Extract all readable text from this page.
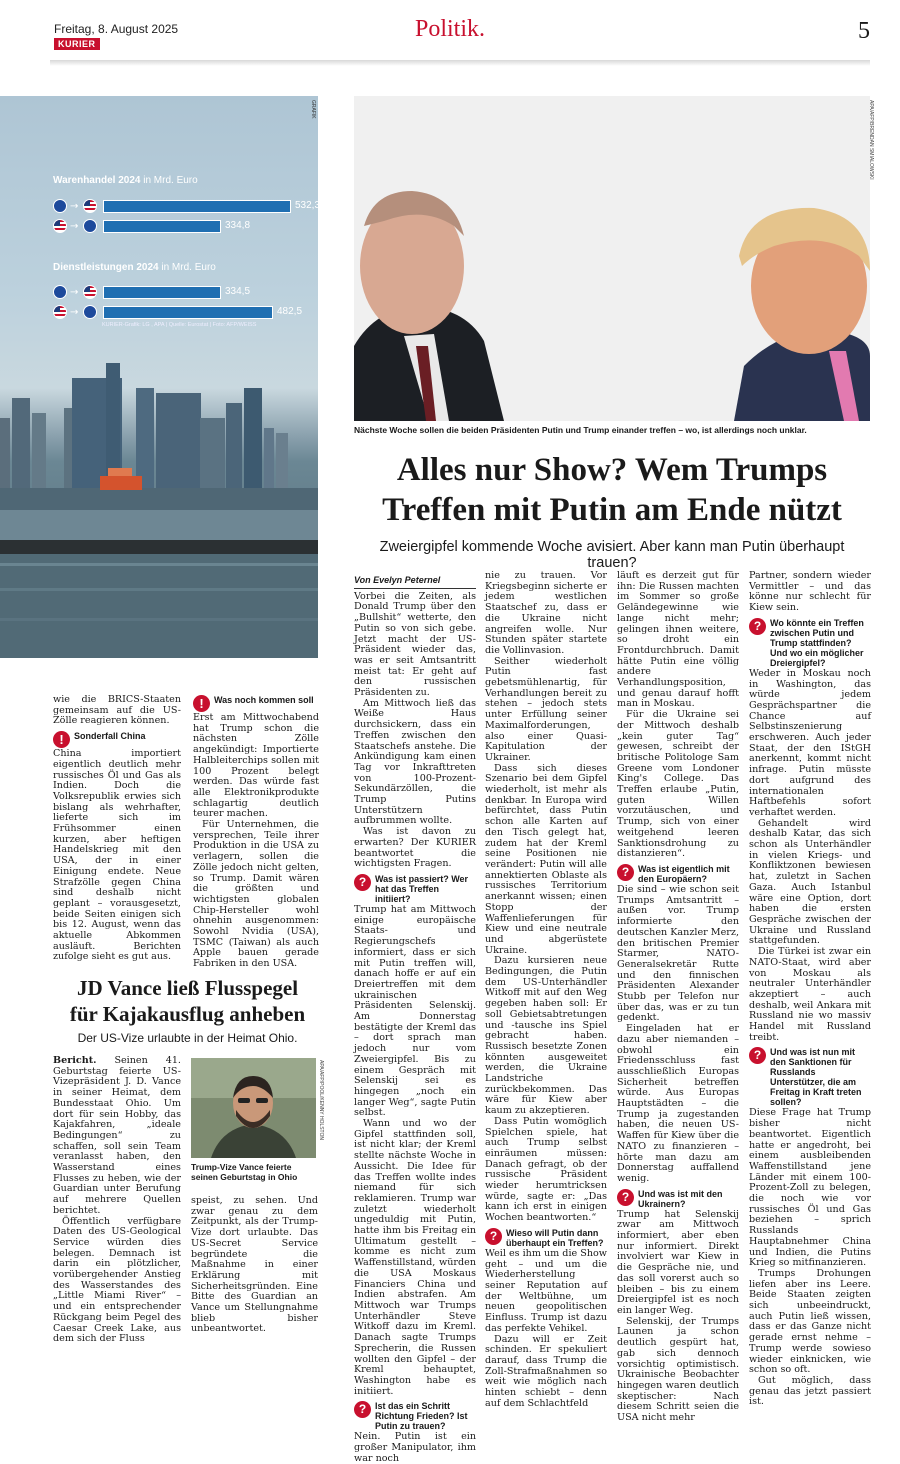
Freitag, 8. August 2025
KURIER
Politik.	5
GRAFIK
Warenhandel 2024 in Mrd. Euro
→	532,3
→	334,8
Dienstleistungen 2024 in Mrd. Euro
→	334,5
→	482,5
KURIER-Grafik: LG , APA | Quelle: Eurostat | Foto: AFP/WEISS
APA/AFP/BRENDAN SMIALOWSKI
Nächste Woche sollen die beiden Präsidenten Putin und Trump einander treffen – wo, ist allerdings noch unklar.
Alles nur Show? Wem Trumps
Treffen mit Putin am Ende nützt
Zweiergipfel kommende Woche avisiert. Aber kann man Putin überhaupt trauen?
Von Evelyn Peternel

Vorbei die Zeiten, als Donald Trump über den „Bullshit“ wetterte, den Putin so von sich gebe. Jetzt macht der US-Präsident wieder das, was er seit Amtsantritt meist tat: Er geht auf den russischen Präsidenten zu.

Am Mittwoch ließ das Weiße Haus durchsickern, dass ein Treffen zwischen den Staatschefs anstehe. Die Ankündigung kam einen Tag vor Inkrafttreten von 100-Prozent-Sekundärzöllen, die Trump Putins Unterstützern aufbrummen wollte.

Was ist davon zu erwarten? Der KURIER beantwortet die wichtigsten Fragen.

? Was ist passiert? Wer hat das Treffen initiiert?

Trump hat am Mittwoch einige europäische Staats- und Regierungschefs informiert, dass er sich mit Putin treffen will, danach hoffe er auf ein Dreiertreffen mit dem ukrainischen Präsidenten Selenskij. Am Donnerstag bestätigte der Kreml das – dort sprach man jedoch nur vom Zweiergipfel. Bis zu einem Gespräch mit Selenskij sei es hingegen „noch ein langer Weg“, sagte Putin selbst.

Wann und wo der Gipfel stattfinden soll, ist nicht klar; der Kreml stellte nächste Woche in Aussicht. Die Idee für das Treffen wollte indes niemand für sich reklamieren. Trump war zuletzt wiederholt ungeduldig mit Putin, hatte ihm bis Freitag ein Ultimatum gestellt – komme es nicht zum Waffenstillstand, würden die USA Moskaus Financiers China und Indien abstrafen. Am Mittwoch war Trumps Unterhändler Steve Witkoff dazu im Kreml. Danach sagte Trumps Sprecherin, die Russen wollten den Gipfel – der Kreml behauptet, Washington habe es initiiert.

? Ist das ein Schritt Richtung Frieden? Ist Putin zu trauen?

Nein. Putin ist ein großer Manipulator, ihm war noch

nie zu trauen. Vor Kriegsbeginn sicherte er jedem westlichen Staatschef zu, dass er die Ukraine nicht angreifen wolle. Nur Stunden später startete die Vollinvasion.

Seither wiederholt Putin fast gebetsmühlenartig, für Verhandlungen bereit zu stehen – jedoch stets unter Erfüllung seiner Maximalforderungen, also einer Quasi-Kapitulation der Ukrainer.

Dass sich dieses Szenario bei dem Gipfel wiederholt, ist mehr als denkbar. In Europa wird befürchtet, dass Putin schon alle Karten auf den Tisch gelegt hat, zudem hat der Kreml seine Positionen nie verändert: Putin will alle annektierten Oblaste als russisches Territorium anerkannt wissen; einen Stopp der Waffenlieferungen für Kiew und eine neutrale und abgerüstete Ukraine.

Dazu kursieren neue Bedingungen, die Putin dem US-Unterhändler Witkoff mit auf den Weg gegeben haben soll: Er soll Gebietsabtretungen und -tausche ins Spiel gebracht haben. Russisch besetzte Zonen könnten ausgeweitet werden, die Ukraine Landstriche zurückbekommen. Das wäre für Kiew aber kaum zu akzeptieren.

Dass Putin womöglich Spielchen spiele, hat auch Trump selbst einräumen müssen: Danach gefragt, ob der russische Präsident wieder herumtricksen würde, sagte er: „Das kann ich erst in einigen Wochen beantworten.“

? Wieso will Putin dann überhaupt ein Treffen?

Weil es ihm um die Show geht – und um die Wiederherstellung seiner Reputation auf der Weltbühne, um neuen geopolitischen Einfluss. Trump ist dazu das perfekte Vehikel.

Dazu will er Zeit schinden. Er spekuliert darauf, dass Trump die Zoll-Strafmaßnahmen so weit wie möglich nach hinten schiebt – denn auf dem Schlachtfeld

läuft es derzeit gut für ihn: Die Russen machten im Sommer so große Geländegewinne wie lange nicht mehr; gelingen ihnen weitere, so droht ein Frontdurchbruch. Damit hätte Putin eine völlig andere Verhandlungsposition, und genau darauf hofft man in Moskau.

Für die Ukraine sei der Mittwoch deshalb „kein guter Tag“ gewesen, schreibt der britische Politologe Sam Greene vom Londoner King's College. Das Treffen erlaube „Putin, guten Willen vorzutäuschen, und Trump, sich von einer weitgehend leeren Sanktionsdrohung zu distanzieren“.

? Was ist eigentlich mit den Europäern?

Die sind – wie schon seit Trumps Amtsantritt – außen vor. Trump informierte den deutschen Kanzler Merz, den britischen Premier Starmer, NATO-Generalsekretär Rutte und den finnischen Präsidenten Alexander Stubb per Telefon nur über das, was er zu tun gedenkt.

Eingeladen hat er dazu aber niemanden – obwohl ein Friedensschluss fast ausschließlich Europas Sicherheit betreffen würde. Aus Europas Hauptstädten – die Trump ja zugestanden haben, die neuen US-Waffen für Kiew über die NATO zu finanzieren – hörte man dazu am Donnerstag auffallend wenig.

? Und was ist mit den Ukrainern?

Trump hat Selenskij zwar am Mittwoch informiert, aber eben nur informiert. Direkt involviert war Kiew in die Gespräche nie, und das soll vorerst auch so bleiben – bis zu einem Dreiergipfel ist es noch ein langer Weg.

Selenskij, der Trumps Launen ja schon deutlich gespürt hat, gab sich dennoch vorsichtig optimistisch. Ukrainische Beobachter hingegen waren deutlich skeptischer: Nach diesem Schritt seien die USA nicht mehr

Partner, sondern wieder Vermittler – und das könne nur schlecht für Kiew sein.

? Wo könnte ein Treffen zwischen Putin und Trump stattfinden? Und wo ein möglicher Dreiergipfel?

Weder in Moskau noch in Washington, das würde jedem Gesprächspartner die Chance auf Selbstinszenierung erschweren. Auch jeder Staat, der den IStGH anerkennt, kommt nicht infrage. Putin müsste dort aufgrund des internationalen Haftbefehls sofort verhaftet werden.

Gehandelt wird deshalb Katar, das sich schon als Unterhändler in vielen Kriegs- und Konfliktzonen bewiesen hat, zuletzt in Sachen Gaza. Auch Istanbul wäre eine Option, dort haben die ersten Gespräche zwischen der Ukraine und Russland stattgefunden.

Die Türkei ist zwar ein NATO-Staat, wird aber von Moskau als neutraler Unterhändler akzeptiert – auch deshalb, weil Ankara mit Russland nie wo massiv Handel mit Russland treibt.

? Und was ist nun mit den Sanktionen für Russlands Unterstützer, die am Freitag in Kraft treten sollen?

Diese Frage hat Trump bisher nicht beantwortet. Eigentlich hatte er angedroht, bei einem ausbleibenden Waffenstillstand jene Länder mit einem 100-Prozent-Zoll zu belegen, die noch wie vor russisches Öl und Gas beziehen – sprich Russlands Hauptabnehmer China und Indien, die Putins Krieg so mitfinanzieren.

Trumps Drohungen liefen aber ins Leere. Beide Staaten zeigten sich unbeeindruckt, auch Putin ließ wissen, dass er das Ganze nicht gerade ernst nehme – Trump werde sowieso wieder einknicken, wie schon so oft.

Gut möglich, dass genau das jetzt passiert ist.

wie die BRICS-Staaten gemeinsam auf die US-Zölle reagieren können.

!	Sonderfall China

China importiert eigentlich deutlich mehr russisches Öl und Gas als Indien. Doch die Volksrepublik erwies sich bislang als wehrhafter, lieferte sich im Frühsommer einen kurzen, aber heftigen Handelskrieg mit den USA, der in einer Einigung endete. Neue Strafzölle gegen China sind deshalb nicht geplant – vorausgesetzt, beide Seiten einigen sich bis 12. August, wenn das aktuelle Abkommen ausläuft. Berichten zufolge sieht es gut aus.

!	Was noch kommen soll

Erst am Mittwochabend hat Trump schon die nächsten Zölle angekündigt: Importierte Halbleiterchips sollen mit 100 Prozent belegt werden. Das würde fast alle Elektronikprodukte schlagartig deutlich teurer machen.

Für Unternehmen, die versprechen, Teile ihrer Produktion in die USA zu verlagern, sollen die Zölle jedoch nicht gelten, so Trump. Damit wären die größten und wichtigsten globalen Chip-Hersteller wohl ohnehin ausgenommen: Sowohl Nvidia (USA), TSMC (Taiwan) als auch Apple bauen gerade Fabriken in den USA.

JD Vance ließ Flusspegel
für Kajakausflug anheben
Der US-Vize urlaubte in der Heimat Ohio.

Bericht. Seinen 41. Geburtstag feierte US-Vizepräsident J. D. Vance in seiner Heimat, dem Bundesstaat Ohio. Um dort für sein Hobby, das Kajakfahren, „ideale Bedingungen“ zu schaffen, soll sein Team veranlasst haben, den Wasserstand eines Flusses zu heben, wie der Guardian unter Berufung auf mehrere Quellen berichtet.

Öffentlich verfügbare Daten des US-Geological Service würden dies belegen. Demnach ist darin ein plötzlicher, vorübergehender Anstieg des Wasserstandes des „Little Miami River“ – und ein entsprechender Rückgang beim Pegel des Caesar Creek Lake, aus dem sich der Fluss

APA/AFP/POOL/KENNY HOLSTON
Trump-Vize Vance feierte seinen Geburtstag in Ohio

speist, zu sehen. Und zwar genau zu dem Zeitpunkt, als der Trump-Vize dort urlaubte. Das US-Secret Service begründete die Maßnahme in einer Erklärung mit Sicherheitsgründen. Eine Bitte des Guardian an Vance um Stellungnahme blieb bisher unbeantwortet.
